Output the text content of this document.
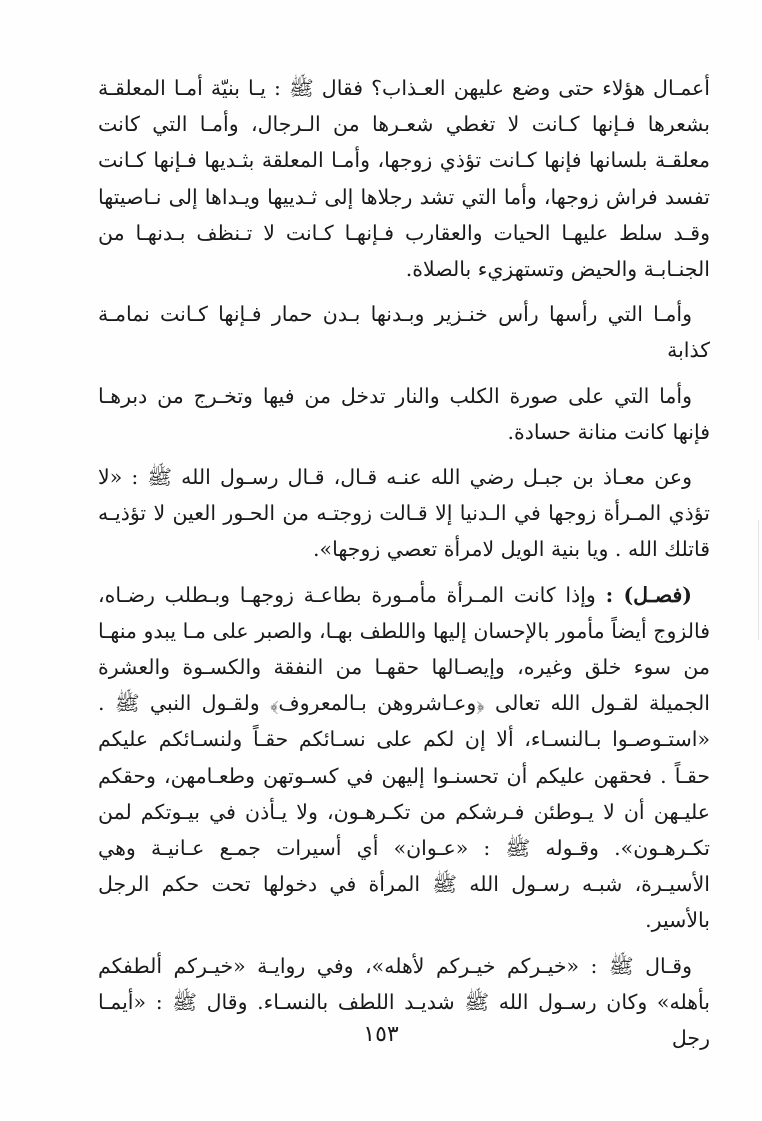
أعمـال هؤلاء حتى وضع عليهن العـذاب؟ فقال ﷺ : يـا بنيّة أمـا المعلقـة بشعرها فـإنها كـانت لا تغطي شعـرها من الـرجال، وأمـا التي كانت معلقـة بلسانها فإنها كـانت تؤذي زوجها، وأمـا المعلقة بثـديها فـإنها كـانت تفسد فراش زوجها، وأما التي تشد رجلاها إلى ثـدييها ويـداها إلى نـاصيتها وقـد سلط عليهـا الحيات والعقارب فـإنهـا كـانت لا تـنظف بـدنهـا من الجنـابـة والحيض وتستهزيء بالصلاة.

وأمـا التي رأسها رأس خنـزير وبـدنها بـدن حمار فـإنها كـانت نمامـة كذابة

وأما التي على صورة الكلب والنار تدخل من فيها وتخـرج من دبرهـا فإنها كانت منانة حسادة.

وعن معـاذ بن جبـل رضي الله عنـه قـال، قـال رسـول الله ﷺ : «لا تؤذي المـرأة زوجها في الـدنيا إلا قـالت زوجتـه من الحـور العين لا تؤذيـه قاتلك الله . ويا بنية الويل لامرأة تعصي زوجها».

(فصـل) : وإذا كانت المـرأة مأمـورة بطاعـة زوجهـا وبـطلب رضـاه، فالزوج أيضاً مأمور بالإحسان إليها واللطف بهـا، والصبر على مـا يبدو منهـا من سوء خلق وغيره، وإيصـالها حقهـا من النفقة والكسـوة والعشرة الجميلة لقـول الله تعالى ﴿وعـاشروهن بـالمعروف﴾ ولقـول النبي ﷺ . «استـوصـوا بـالنسـاء، ألا إن لكم على نسـائكم حقـاً ولنسـائكم عليكم حقـاً . فحقهن عليكم أن تحسنـوا إليهن في كسـوتهن وطعـامهن، وحقكم عليـهن أن لا يـوطئن فـرشكم من تكـرهـون، ولا يـأذن في بيـوتكم لمن تكـرهـون». وقـوله ﷺ : «عـوان» أي أسيرات جمـع عـانيـة وهي الأسيـرة، شبـه رسـول الله ﷺ المرأة في دخولها تحت حكم الرجل بالأسير.

وقـال ﷺ : «خيـركم خيـركم لأهله»، وفي روايـة «خيـركم ألطفكم بأهله» وكان رسـول الله ﷺ شديـد اللطف بالنسـاء. وقال ﷺ : «أيمـا رجل

١٥٣
